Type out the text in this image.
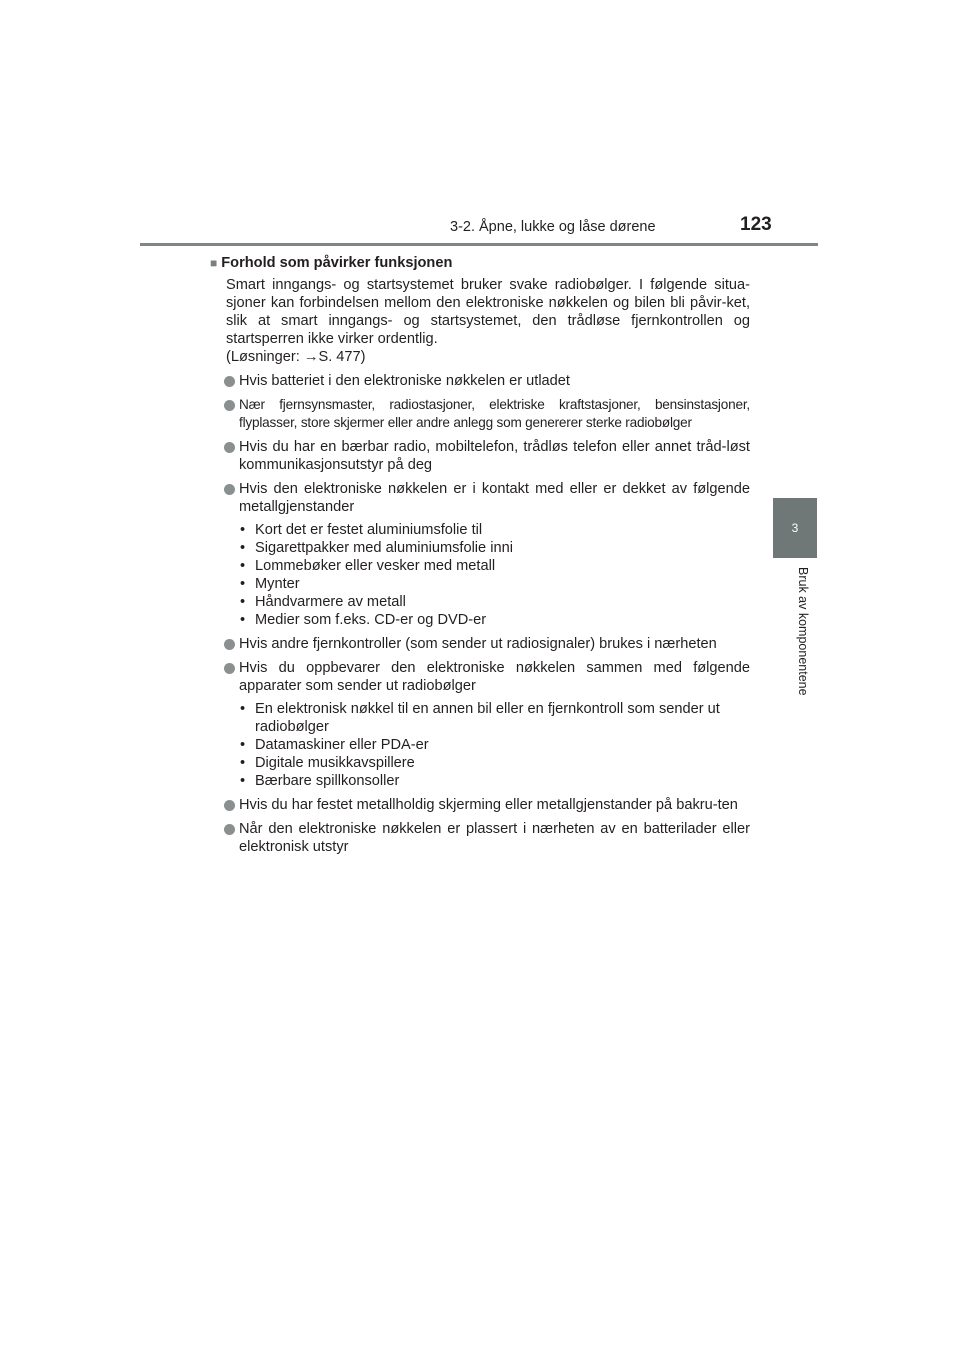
3-2. Åpne, lukke og låse dørene	123
3
Bruk av komponentene
■ Forhold som påvirker funksjonen
Smart inngangs- og startsystemet bruker svake radiobølger. I følgende situa-sjoner kan forbindelsen mellom den elektroniske nøkkelen og bilen bli påvir-ket, slik at smart inngangs- og startsystemet, den trådløse fjernkontrollen og startsperren ikke virker ordentlig.
(Løsninger: →S. 477)
Hvis batteriet i den elektroniske nøkkelen er utladet
Nær fjernsynsmaster, radiostasjoner, elektriske kraftstasjoner, bensinstasjoner, flyplasser, store skjermer eller andre anlegg som genererer sterke radiobølger
Hvis du har en bærbar radio, mobiltelefon, trådløs telefon eller annet tråd-løst kommunikasjonsutstyr på deg
Hvis den elektroniske nøkkelen er i kontakt med eller er dekket av følgende metallgjenstander
• Kort det er festet aluminiumsfolie til
• Sigarettpakker med aluminiumsfolie inni
• Lommebøker eller vesker med metall
• Mynter
• Håndvarmere av metall
• Medier som f.eks. CD-er og DVD-er
Hvis andre fjernkontroller (som sender ut radiosignaler) brukes i nærheten
Hvis du oppbevarer den elektroniske nøkkelen sammen med følgende apparater som sender ut radiobølger
• En elektronisk nøkkel til en annen bil eller en fjernkontroll som sender ut radiobølger
• Datamaskiner eller PDA-er
• Digitale musikkavspillere
• Bærbare spillkonsoller
Hvis du har festet metallholdig skjerming eller metallgjenstander på bakru-ten
Når den elektroniske nøkkelen er plassert i nærheten av en batterilader eller elektronisk utstyr
